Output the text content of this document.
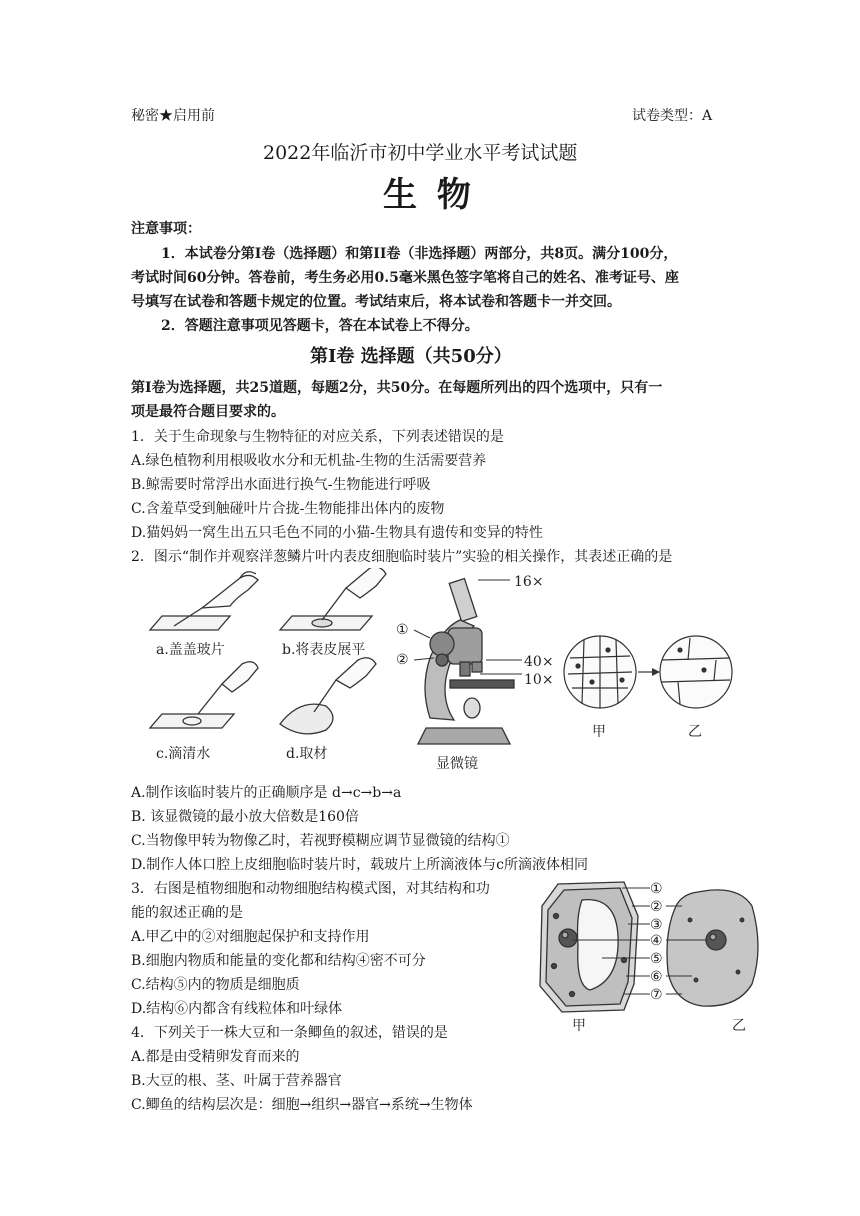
秘密★启用前	试卷类型：A
2022年临沂市初中学业水平考试试题
生 物
注意事项：
1．本试卷分第Ⅰ卷（选择题）和第II卷（非选择题）两部分，共8页。满分100分，
考试时间60分钟。答卷前，考生务必用0.5毫米黑色签字笔将自己的姓名、准考证号、座
号填写在试卷和答题卡规定的位置。考试结束后，将本试卷和答题卡一并交回。
2．答题注意事项见答题卡，答在本试卷上不得分。
第Ⅰ卷 选择题（共50分）
第Ⅰ卷为选择题，共25道题，每题2分，共50分。在每题所列出的四个选项中，只有一
项是最符合题目要求的。
1．关于生命现象与生物特征的对应关系，下列表述错误的是
A.绿色植物利用根吸收水分和无机盐-生物的生活需要营养
B.鲸需要时常浮出水面进行换气-生物能进行呼吸
C.含羞草受到触碰叶片合拢-生物能排出体内的废物
D.猫妈妈一窝生出五只毛色不同的小猫-生物具有遗传和变异的特性
2．图示“制作并观察洋葱鳞片叶内表皮细胞临时装片”实验的相关操作，其表述正确的是
a.盖盖玻片	b.将表皮展平
c.滴清水	d.取材
16×
①
②	40×
10×
显微镜
甲	乙
A.制作该临时装片的正确顺序是 d→c→b→a
B. 该显微镜的最小放大倍数是160倍
C.当物像甲转为物像乙时，若视野模糊应调节显微镜的结构①
D.制作人体口腔上皮细胞临时装片时，载玻片上所滴液体与c所滴液体相同
3．右图是植物细胞和动物细胞结构模式图，对其结构和功
能的叙述正确的是
A.甲乙中的②对细胞起保护和支持作用
B.细胞内物质和能量的变化都和结构④密不可分
C.结构⑤内的物质是细胞质
D.结构⑥内都含有线粒体和叶绿体
①
②
③
④
⑤
⑥
⑦
甲	乙
4．下列关于一株大豆和一条鲫鱼的叙述，错误的是
A.都是由受精卵发育而来的
B.大豆的根、茎、叶属于营养器官
C.鲫鱼的结构层次是：细胞→组织→器官→系统→生物体
